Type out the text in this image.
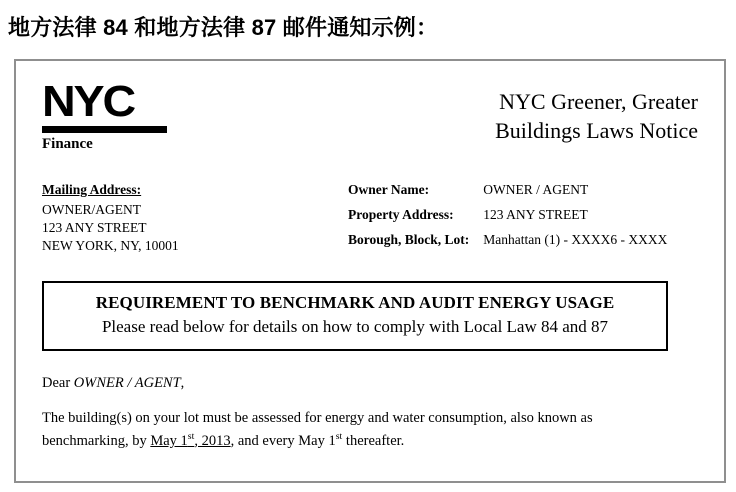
地方法律 84 和地方法律 87 邮件通知示例：
NYC
Finance
NYC Greener, Greater
Buildings Laws Notice
Mailing Address:
OWNER/AGENT
123 ANY STREET
NEW YORK, NY, 10001
Owner Name:	OWNER / AGENT
Property Address:	123 ANY STREET
Borough, Block, Lot:	Manhattan (1) - XXXX6 - XXXX
REQUIREMENT TO BENCHMARK AND AUDIT ENERGY USAGE
Please read below for details on how to comply with Local Law 84 and 87
Dear OWNER / AGENT,
The building(s) on your lot must be assessed for energy and water consumption, also known as benchmarking, by May 1st, 2013, and every May 1st thereafter.
